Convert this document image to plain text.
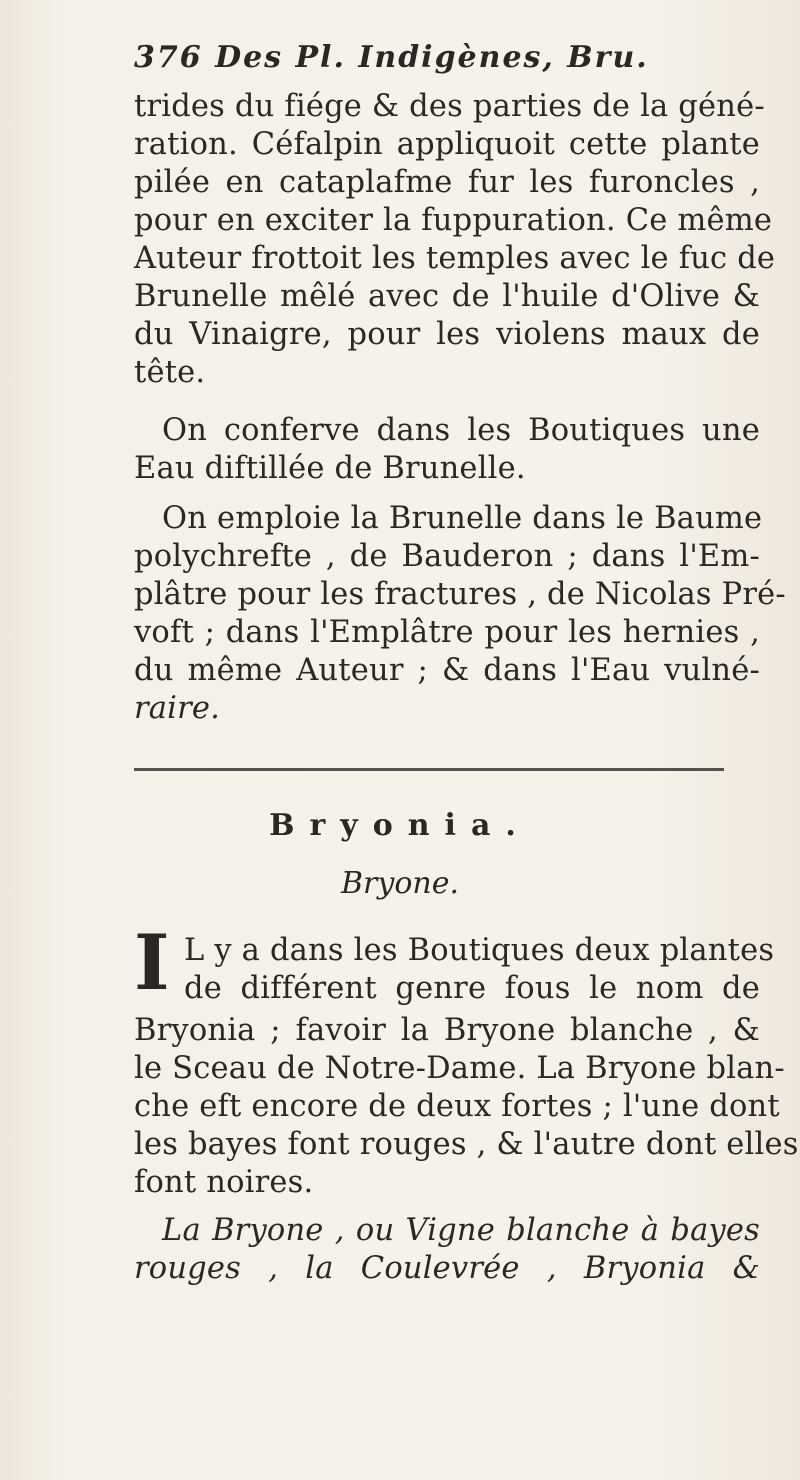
376 Des Pl. Indigènes, Bru.
trides du fiége & des parties de la géné-
ration. Céfalpin appliquoit cette plante
pilée en cataplafme fur les furoncles ,
pour en exciter la fuppuration. Ce même
Auteur frottoit les temples avec le fuc de
Brunelle mêlé avec de l'huile d'Olive &
du Vinaigre, pour les violens maux de
tête.
On conferve dans les Boutiques une
Eau diftillée de Brunelle.
On emploie la Brunelle dans le Baume
polychrefte , de Bauderon ; dans l'Em-
plâtre pour les fractures , de Nicolas Pré-
voft ; dans l'Emplâtre pour les hernies ,
du même Auteur ; & dans l'Eau vulné-
raire.
Bryonia.
Bryone.
I L y a dans les Boutiques deux plantes
de différent genre fous le nom de
Bryonia ; favoir la Bryone blanche , &
le Sceau de Notre-Dame. La Bryone blan-
che eft encore de deux fortes ; l'une dont
les bayes font rouges , & l'autre dont elles
font noires.
La Bryone , ou Vigne blanche à bayes
rouges , la Coulevrée , Bryonia &
